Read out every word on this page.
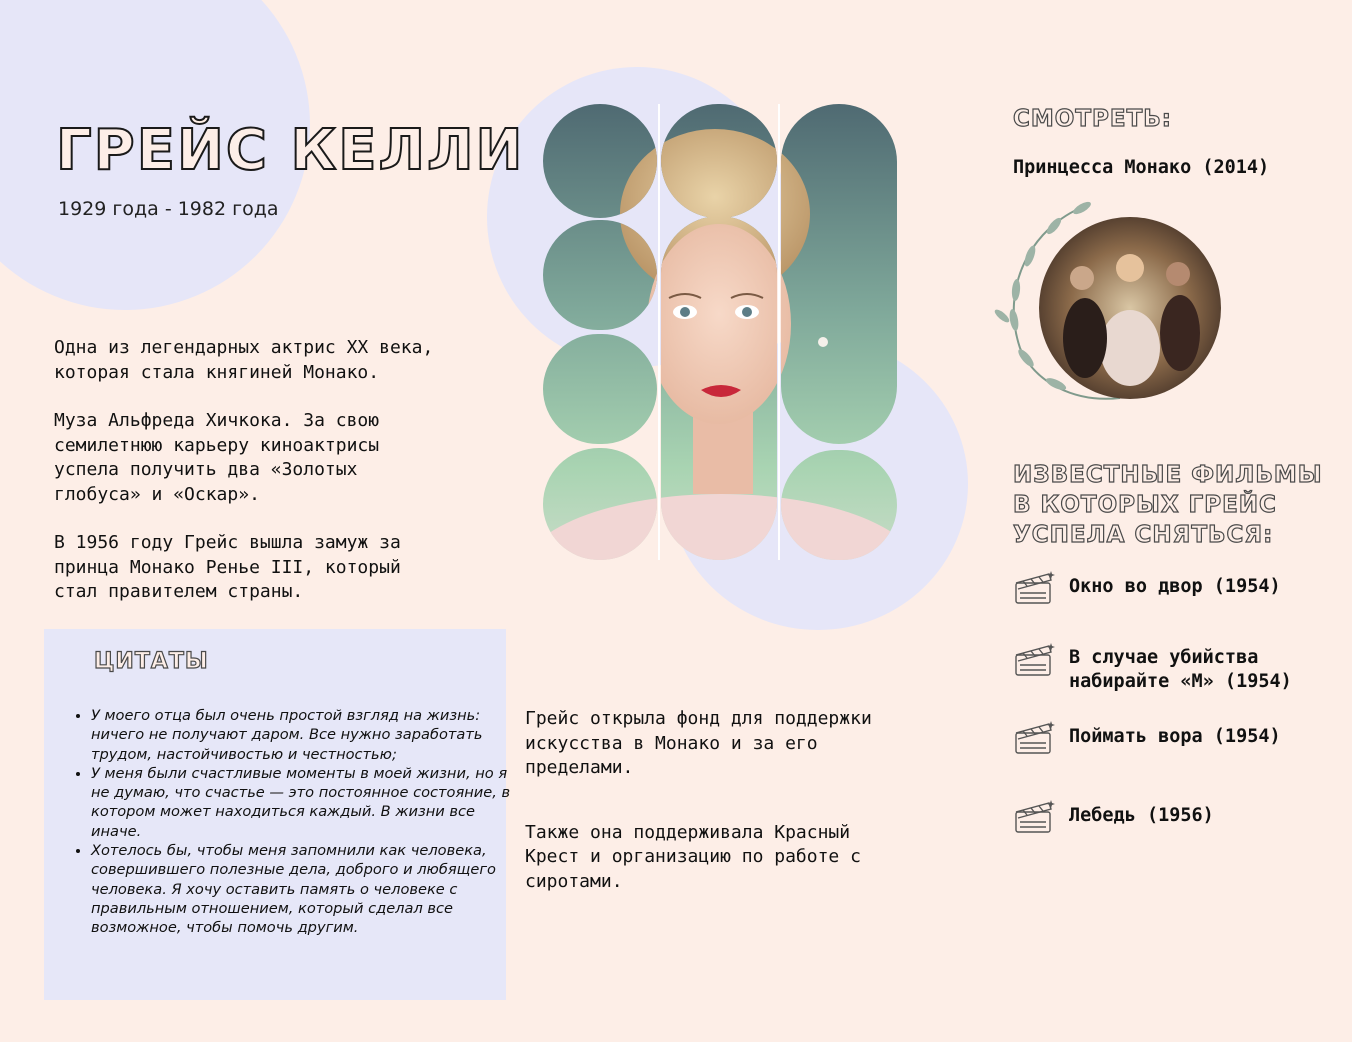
ГРЕЙС КЕЛЛИ
1929 года - 1982 года

Одна из легендарных актрис XX века,
которая стала княгиней Монако.

Муза Альфреда Хичкока. За свою
семилетнюю карьеру киноактрисы
успела получить два «Золотых
глобуса» и «Оскар».

В 1956 году Грейс вышла замуж за
принца Монако Ренье III, который
стал правителем страны.

ЦИТАТЫ
• У моего отца был очень простой взгляд на жизнь: ничего не получают даром. Все нужно заработать трудом, настойчивостью и честностью;
• У меня были счастливые моменты в моей жизни, но я не думаю, что счастье — это постоянное состояние, в котором может находиться каждый. В жизни все иначе.
• Хотелось бы, чтобы меня запомнили как человека, совершившего полезные дела, доброго и любящего человека. Я хочу оставить память о человеке с правильным отношением, который сделал все возможное, чтобы помочь другим.

Грейс открыла фонд для поддержки
искусства в Монако и за его
пределами.

Также она поддерживала Красный
Крест и организацию по работе с
сиротами.

СМОТРЕТЬ:
Принцесса Монако (2014)
ИЗВЕСТНЫЕ ФИЛЬМЫ
В КОТОРЫХ ГРЕЙС
УСПЕЛА СНЯТЬСЯ:
Окно во двор (1954)
В случае убийства
набирайте «М» (1954)
Поймать вора (1954)
Лебедь (1956)
